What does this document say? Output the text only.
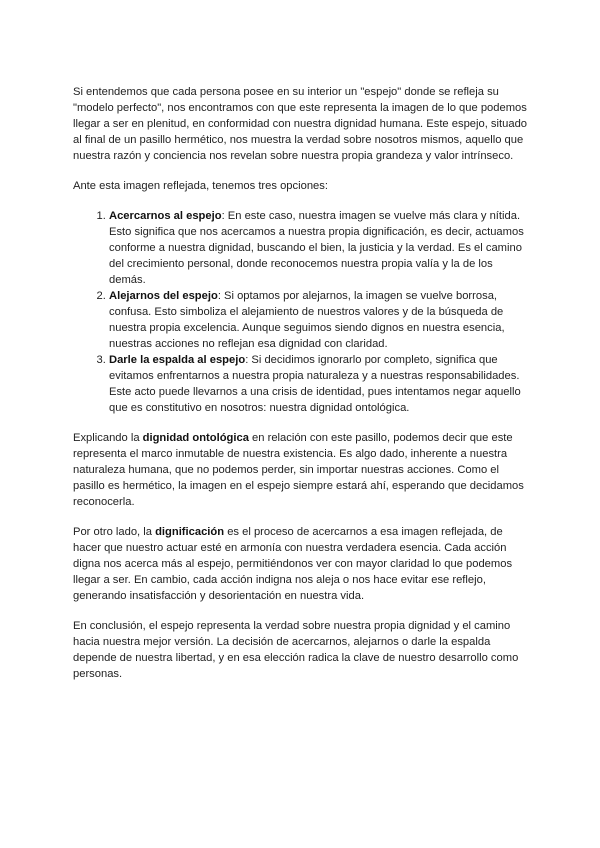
Si entendemos que cada persona posee en su interior un "espejo" donde se refleja su "modelo perfecto", nos encontramos con que este representa la imagen de lo que podemos llegar a ser en plenitud, en conformidad con nuestra dignidad humana. Este espejo, situado al final de un pasillo hermético, nos muestra la verdad sobre nosotros mismos, aquello que nuestra razón y conciencia nos revelan sobre nuestra propia grandeza y valor intrínseco.

Ante esta imagen reflejada, tenemos tres opciones:

1. Acercarnos al espejo: En este caso, nuestra imagen se vuelve más clara y nítida. Esto significa que nos acercamos a nuestra propia dignificación, es decir, actuamos conforme a nuestra dignidad, buscando el bien, la justicia y la verdad. Es el camino del crecimiento personal, donde reconocemos nuestra propia valía y la de los demás.
2. Alejarnos del espejo: Si optamos por alejarnos, la imagen se vuelve borrosa, confusa. Esto simboliza el alejamiento de nuestros valores y de la búsqueda de nuestra propia excelencia. Aunque seguimos siendo dignos en nuestra esencia, nuestras acciones no reflejan esa dignidad con claridad.
3. Darle la espalda al espejo: Si decidimos ignorarlo por completo, significa que evitamos enfrentarnos a nuestra propia naturaleza y a nuestras responsabilidades. Este acto puede llevarnos a una crisis de identidad, pues intentamos negar aquello que es constitutivo en nosotros: nuestra dignidad ontológica.

Explicando la dignidad ontológica en relación con este pasillo, podemos decir que este representa el marco inmutable de nuestra existencia. Es algo dado, inherente a nuestra naturaleza humana, que no podemos perder, sin importar nuestras acciones. Como el pasillo es hermético, la imagen en el espejo siempre estará ahí, esperando que decidamos reconocerla.

Por otro lado, la dignificación es el proceso de acercarnos a esa imagen reflejada, de hacer que nuestro actuar esté en armonía con nuestra verdadera esencia. Cada acción digna nos acerca más al espejo, permitiéndonos ver con mayor claridad lo que podemos llegar a ser. En cambio, cada acción indigna nos aleja o nos hace evitar ese reflejo, generando insatisfacción y desorientación en nuestra vida.

En conclusión, el espejo representa la verdad sobre nuestra propia dignidad y el camino hacia nuestra mejor versión. La decisión de acercarnos, alejarnos o darle la espalda depende de nuestra libertad, y en esa elección radica la clave de nuestro desarrollo como personas.
